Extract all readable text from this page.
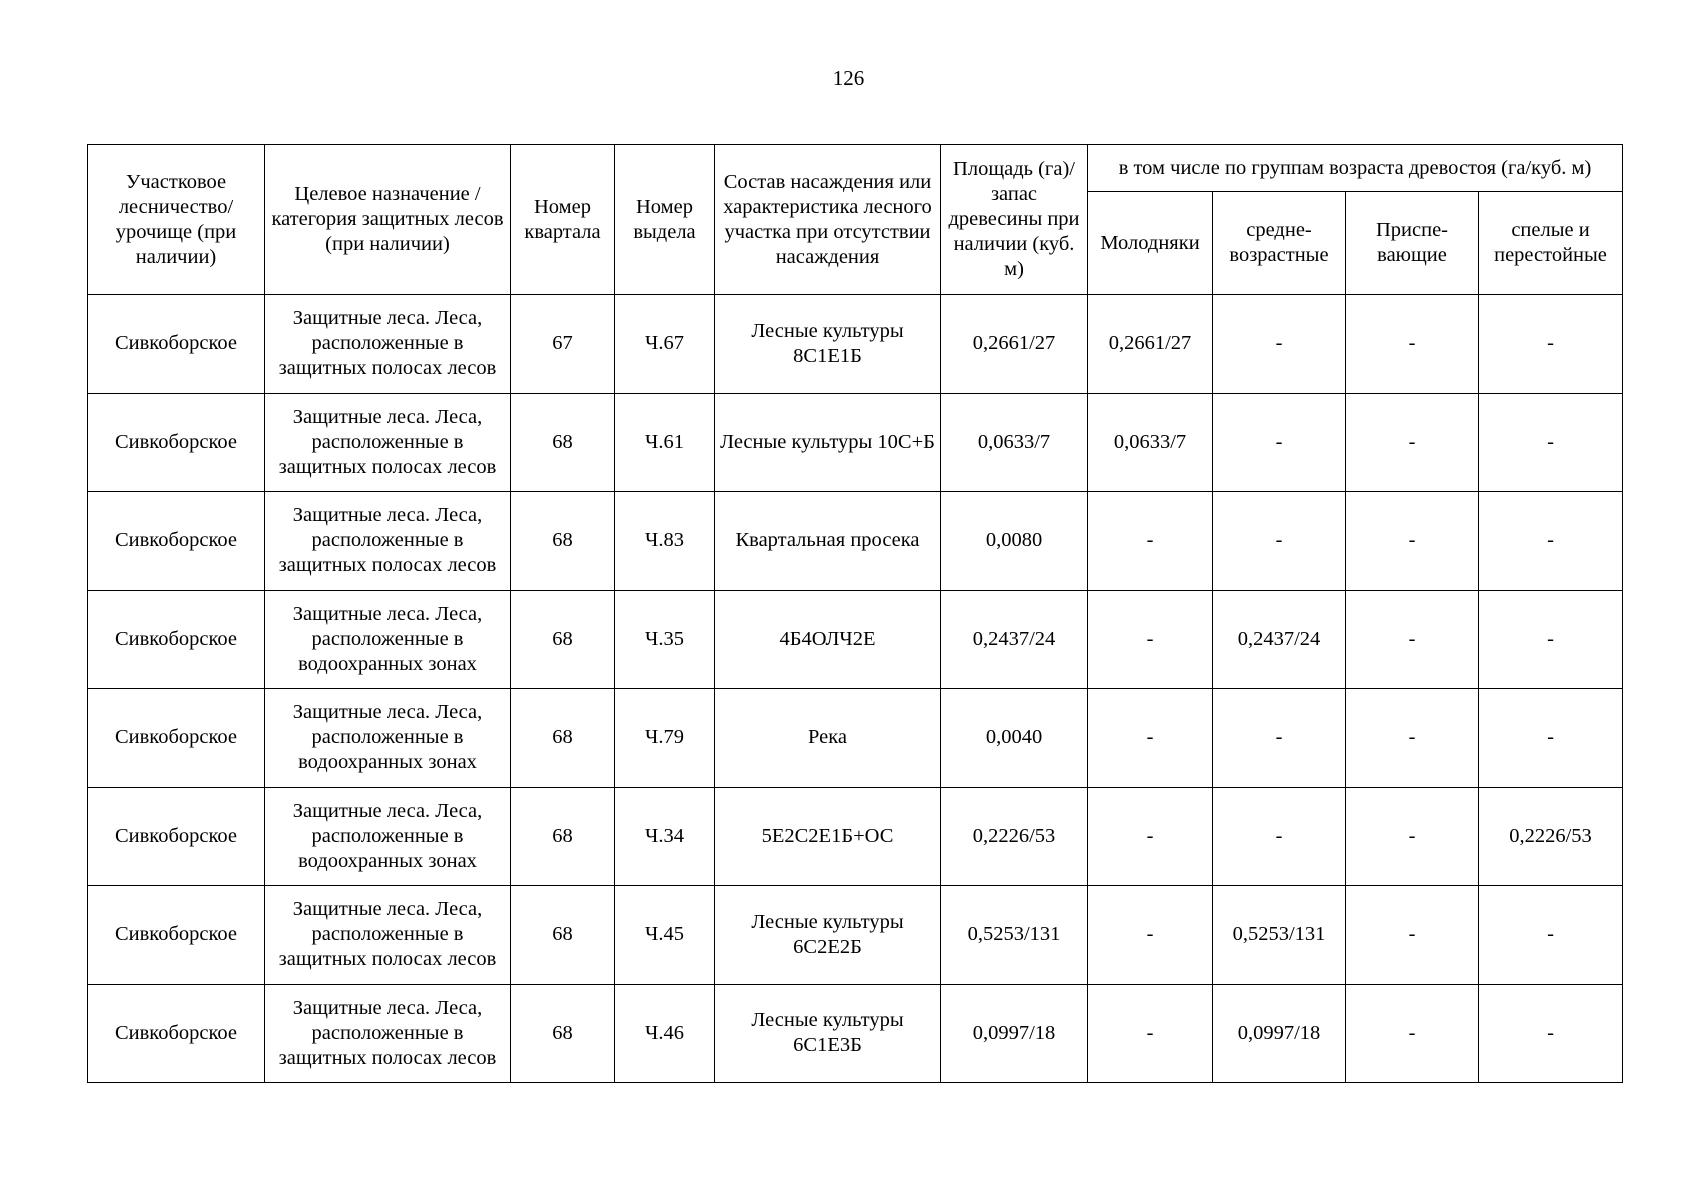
126
Участковое лесничество/ урочище (при наличии)	Целевое назначение / категория защитных лесов (при наличии)	Номер квартала	Номер выдела	Состав насаждения или характеристика лесного участка при отсутствии насаждения	Площадь (га)/ запас древесины при наличии (куб. м)	в том числе по группам возраста древостоя (га/куб. м)			
						Молодняки	средне-возрастные	Приспе-вающие	спелые и перестойные
Сивкоборское	Защитные леса. Леса, расположенные в защитных полосах лесов	67	Ч.67	Лесные культуры 8С1Е1Б	0,2661/27	0,2661/27	-	-	-
Сивкоборское	Защитные леса. Леса, расположенные в защитных полосах лесов	68	Ч.61	Лесные культуры 10С+Б	0,0633/7	0,0633/7	-	-	-
Сивкоборское	Защитные леса. Леса, расположенные в защитных полосах лесов	68	Ч.83	Квартальная просека	0,0080	-	-	-	-
Сивкоборское	Защитные леса. Леса, расположенные в водоохранных зонах	68	Ч.35	4Б4ОЛЧ2Е	0,2437/24	-	0,2437/24	-	-
Сивкоборское	Защитные леса. Леса, расположенные в водоохранных зонах	68	Ч.79	Река	0,0040	-	-	-	-
Сивкоборское	Защитные леса. Леса, расположенные в водоохранных зонах	68	Ч.34	5Е2С2Е1Б+ОС	0,2226/53	-	-	-	0,2226/53
Сивкоборское	Защитные леса. Леса, расположенные в защитных полосах лесов	68	Ч.45	Лесные культуры 6С2Е2Б	0,5253/131	-	0,5253/131	-	-
Сивкоборское	Защитные леса. Леса, расположенные в защитных полосах лесов	68	Ч.46	Лесные культуры 6С1Е3Б	0,0997/18	-	0,0997/18	-	-
